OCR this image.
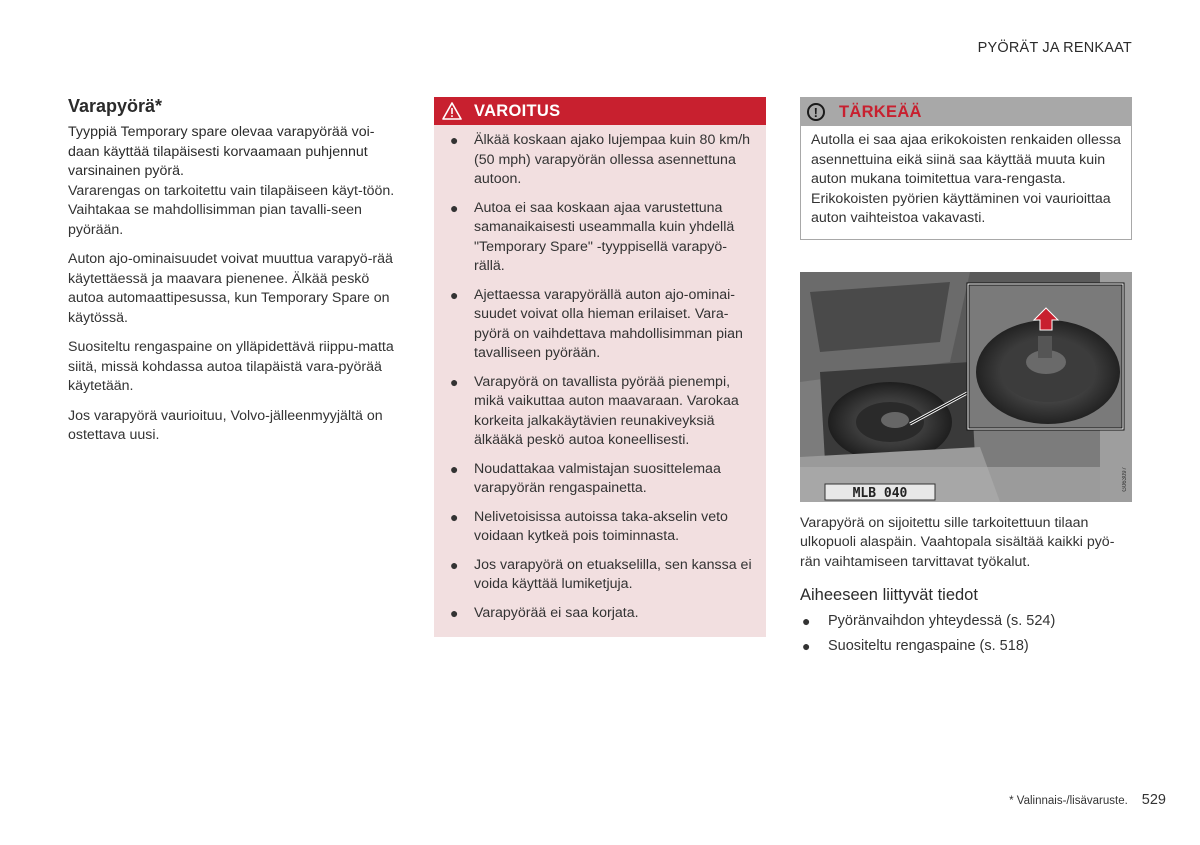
PYÖRÄT JA RENKAAT
Varapyörä*

Tyyppiä Temporary spare olevaa varapyörää voi-daan käyttää tilapäisesti korvaamaan puhjennut varsinainen pyörä.

Vararengas on tarkoitettu vain tilapäiseen käyt-töön. Vaihtakaa se mahdollisimman pian tavalli-seen pyörään.

Auton ajo-ominaisuudet voivat muuttua varapyö-rää käytettäessä ja maavara pienenee. Älkää peskö autoa automaattipesussa, kun Temporary Spare on käytössä.

Suositeltu rengaspaine on ylläpidettävä riippu-matta siitä, missä kohdassa autoa tilapäistä vara-pyörää käytetään.

Jos varapyörä vaurioituu, Volvo-jälleenmyyjältä on ostettava uusi.

VAROITUS
● Älkää koskaan ajako lujempaa kuin 80 km/h (50 mph) varapyörän ollessa asennettuna autoon.
● Autoa ei saa koskaan ajaa varustettuna samanaikaisesti useammalla kuin yhdellä "Temporary Spare" -tyyppisellä varapyö-rällä.
● Ajettaessa varapyörällä auton ajo-ominai-suudet voivat olla hieman erilaiset. Vara-pyörä on vaihdettava mahdollisimman pian tavalliseen pyörään.
● Varapyörä on tavallista pyörää pienempi, mikä vaikuttaa auton maavaraan. Varokaa korkeita jalkakäytävien reunakiveyksiä älkääkä peskö autoa koneellisesti.
● Noudattakaa valmistajan suosittelemaa varapyörän rengaspainetta.
● Nelivetoisissa autoissa taka-akselin veto voidaan kytkeä pois toiminnasta.
● Jos varapyörä on etuakselilla, sen kanssa ei voida käyttää lumiketjuja.
● Varapyörää ei saa korjata.
!	TÄRKEÄÄ
Autolla ei saa ajaa erikokoisten renkaiden ollessa asennettuina eikä siinä saa käyttää muuta kuin auton mukana toimitettua vara-rengasta. Erikokoisten pyörien käyttäminen voi vaurioittaa auton vaihteistoa vakavasti.
MLB 040
G063097

Varapyörä on sijoitettu sille tarkoitettuun tilaan ulkopuoli alaspäin. Vaahtopala sisältää kaikki pyö-rän vaihtamiseen tarvittavat työkalut.

Aiheeseen liittyvät tiedot
● Pyöränvaihdon yhteydessä (s. 524)
● Suositeltu rengaspaine (s. 518)
* Valinnais-/lisävaruste. 529
